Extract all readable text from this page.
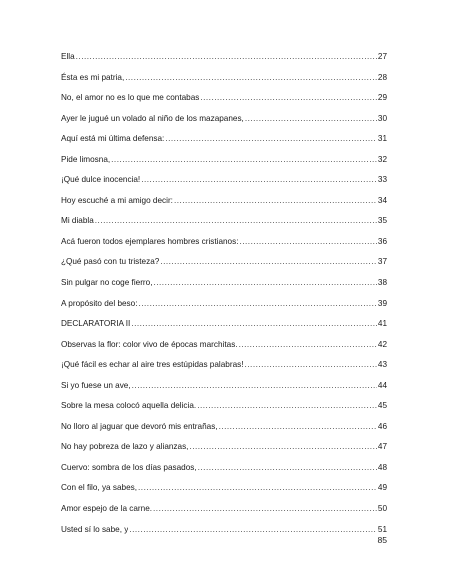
Ella .....	27
Ésta es mi patria, .....	28
No, el amor no es lo que me contabas .....	29
Ayer le jugué un volado al niño de los mazapanes, .....	30
Aquí está mi última defensa: .....	31
Pide limosna, .....	32
¡Qué dulce inocencia! .....	33
Hoy escuché a mi amigo decir: .....	34
Mi diabla .....	35
Acá fueron todos ejemplares hombres cristianos: .....	36
¿Qué pasó con tu tristeza? .....	37
Sin pulgar no coge fierro, .....	38
A propósito del beso: .....	39
DECLARATORIA II .....	41
Observas la flor: color vivo de épocas marchitas. .....	42
¡Qué fácil es echar al aire tres estúpidas palabras! .....	43
Si yo fuese un ave, .....	44
Sobre la mesa colocó aquella delicia. .....	45
No lloro al jaguar que devoró mis entrañas, .....	46
No hay pobreza de lazo y alianzas, .....	47
Cuervo: sombra de los días pasados, .....	48
Con el filo, ya sabes, .....	49
Amor espejo de la carne. .....	50
Usted sí lo sabe, y .....	51
85
